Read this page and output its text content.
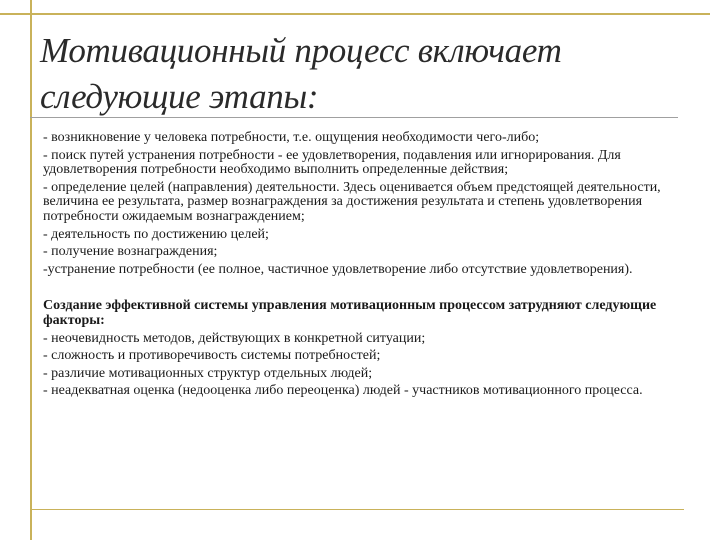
Мотивационный процесс включает следующие этапы:

- возникновение у человека потребности, т.е. ощущения необходимости чего-либо;

- поиск путей устранения потребности - ее удовлетворения, подавления или игнорирования. Для удовлетворения потребности необходимо выполнить определенные действия;

- определение целей (направления) деятельности. Здесь оценивается объем предстоящей деятельности, величина ее результата, размер вознаграждения за достижения результата и степень удовлетворения потребности ожидаемым вознаграждением;

- деятельность по достижению целей;

- получение вознаграждения;

-устранение потребности (ее полное, частичное удовлетворение либо отсутствие удовлетворения).

Создание эффективной системы управления мотивационным процессом затрудняют следующие факторы:

- неочевидность методов, действующих в конкретной ситуации;

- сложность и противоречивость системы потребностей;

- различие мотивационных структур отдельных людей;

- неадекватная оценка (недооценка либо переоценка) людей - участников мотивационного процесса.
